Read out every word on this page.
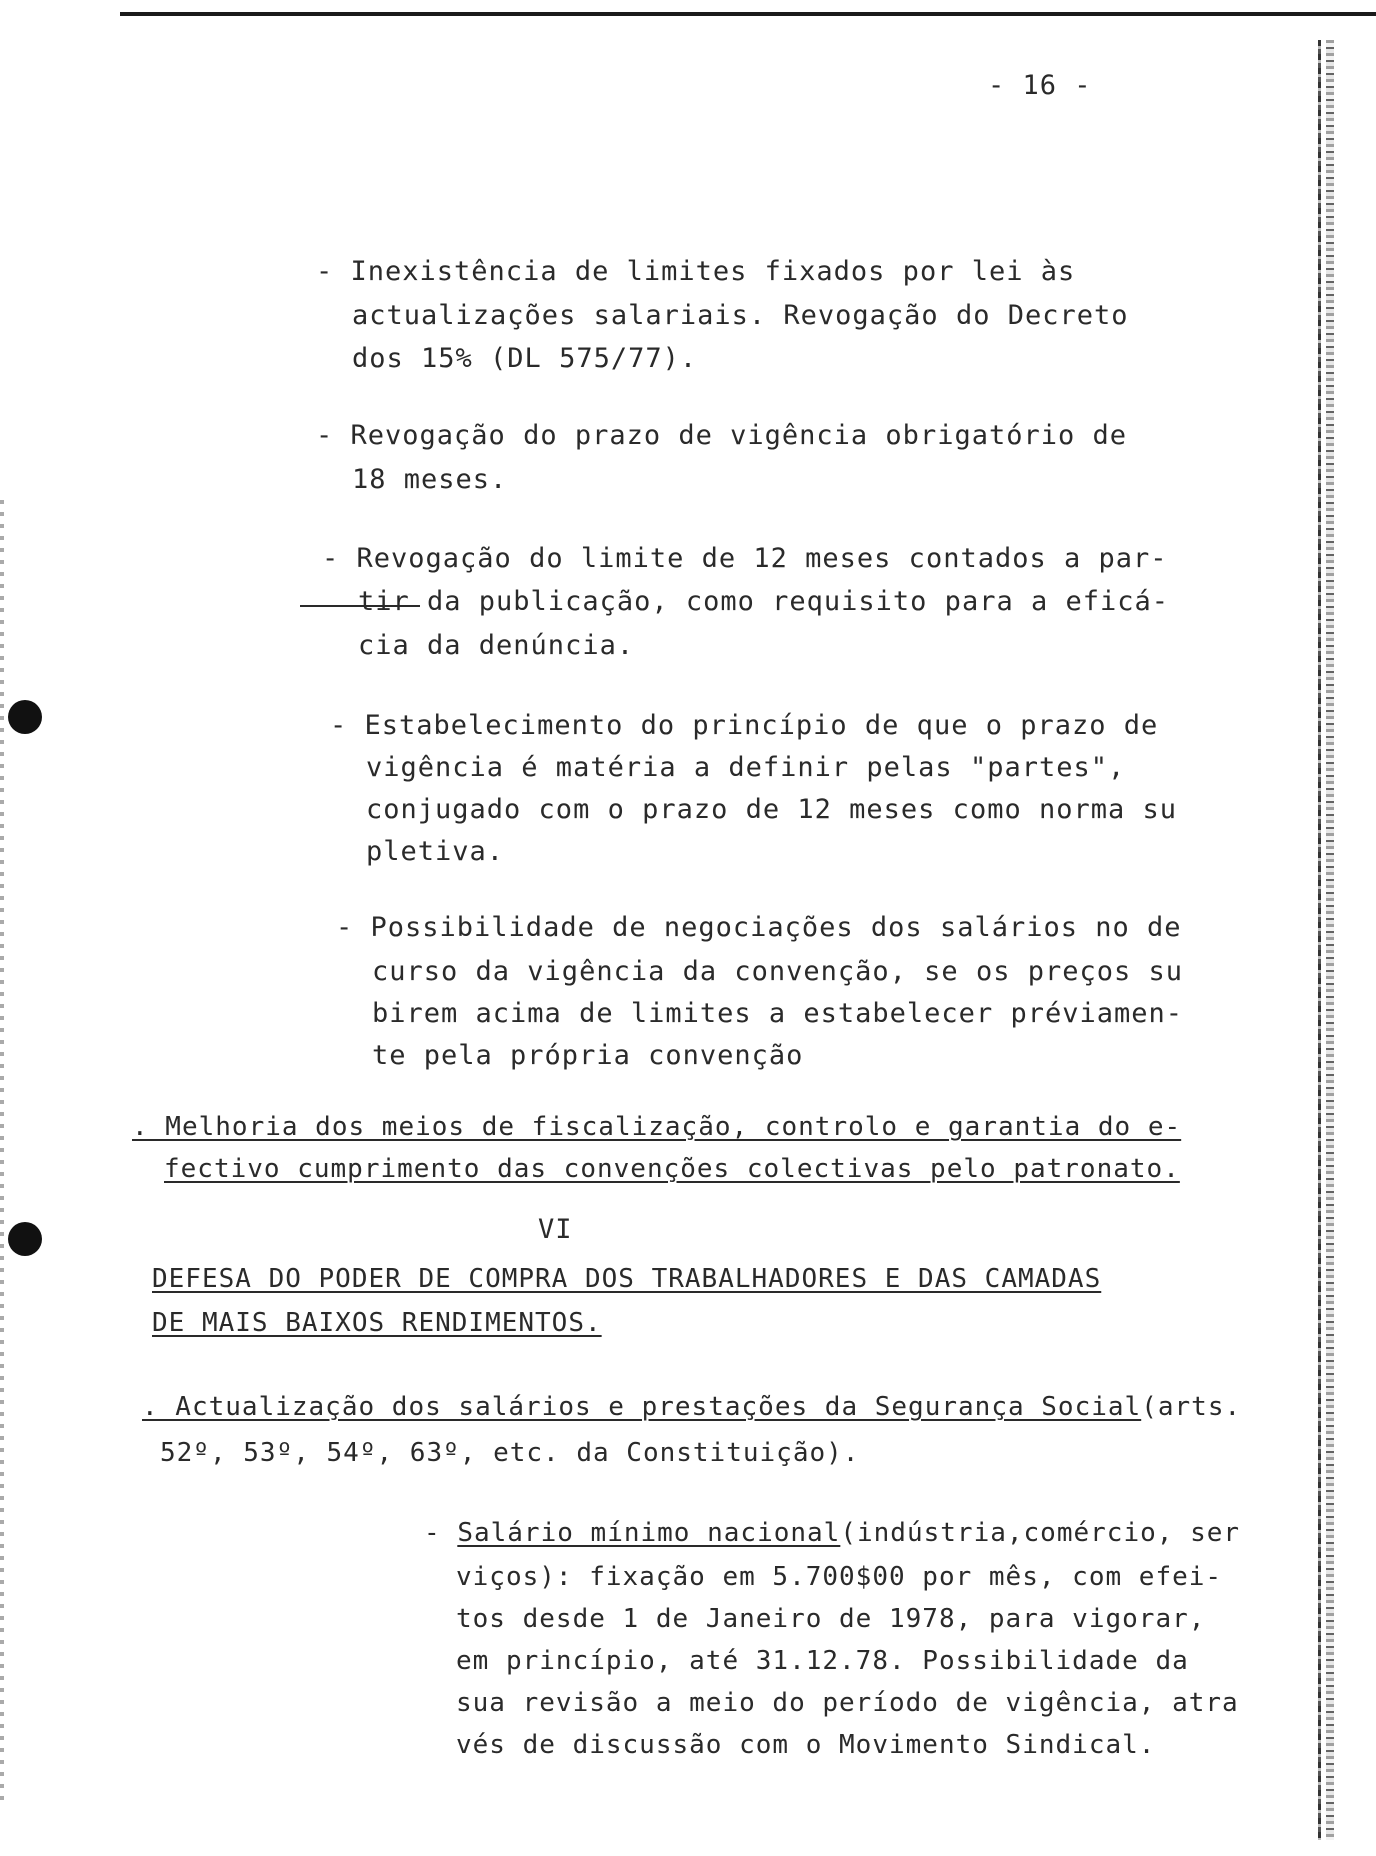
- 16 -
- Inexistência de limites fixados por lei às
actualizações salariais. Revogação do Decreto
dos 15% (DL 575/77).
- Revogação do prazo de vigência obrigatório de
18 meses.
- Revogação do limite de 12 meses contados a par-
tir da publicação, como requisito para a eficá-
cia da denúncia.
- Estabelecimento do princípio de que o prazo de
vigência é matéria a definir pelas "partes",
conjugado com o prazo de 12 meses como norma su
pletiva.
- Possibilidade de negociações dos salários no de
curso da vigência da convenção, se os preços su
birem acima de limites a estabelecer préviamen-
te pela própria convenção
. Melhoria dos meios de fiscalização, controlo e garantia do e-
fectivo cumprimento das convenções colectivas pelo patronato.
VI
DEFESA DO PODER DE COMPRA DOS TRABALHADORES E DAS CAMADAS
DE MAIS BAIXOS RENDIMENTOS.
. Actualização dos salários e prestações da Segurança Social(arts.
52º, 53º, 54º, 63º, etc. da Constituição).
- Salário mínimo nacional(indústria,comércio, ser
viços): fixação em 5.700$00 por mês, com efei-
tos desde 1 de Janeiro de 1978, para vigorar,
em princípio, até 31.12.78. Possibilidade da
sua revisão a meio do período de vigência, atra
vés de discussão com o Movimento Sindical.
